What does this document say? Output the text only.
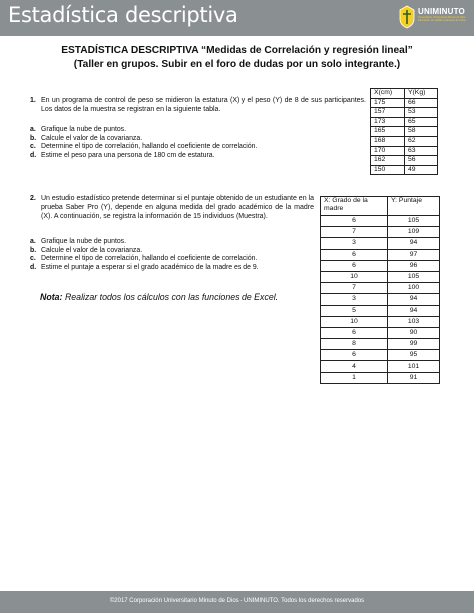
Estadística descriptiva	UNIMINUTO
Corporación Universitaria Minuto de Dios · Educación de calidad al alcance de todos
ESTADÍSTICA DESCRIPTIVA “Medidas de Correlación y regresión lineal”
(Taller en grupos. Subir en el foro de dudas por un solo integrante.)
1. En un programa de control de peso se midieron la estatura (X) y el peso (Y) de 8 de sus participantes. Los datos de la muestra se registran en la siguiente tabla.
a. Grafique la nube de puntos.
b. Calcule el valor de la covarianza.
c. Determine el tipo de correlación, hallando el coeficiente de correlación.
d. Estime el peso para una persona de 180 cm de estatura.
X(cm)	Y(Kg)
175	66
157	53
173	65
165	58
168	62
170	63
162	56
150	49
2. Un estudio estadístico pretende determinar si el puntaje obtenido de un estudiante en la prueba Saber Pro (Y), depende en alguna medida del grado académico de la madre (X). A continuación, se registra la información de 15 individuos (Muestra).
a. Grafique la nube de puntos.
b. Calcule el valor de la covarianza.
c. Determine el tipo de correlación, hallando el coeficiente de correlación.
d. Estime el puntaje a esperar si el grado académico de la madre es de 9.
X: Grado de la madre	Y: Puntaje
6	105
7	109
3	94
6	97
6	96
10	105
7	100
3	94
5	94
10	103
6	90
8	99
6	95
4	101
1	91
Nota: Realizar todos los cálculos con las funciones de Excel.
©2017 Corporación Universitario Minuto de Dios - UNIMINUTO. Todos los derechos reservados
